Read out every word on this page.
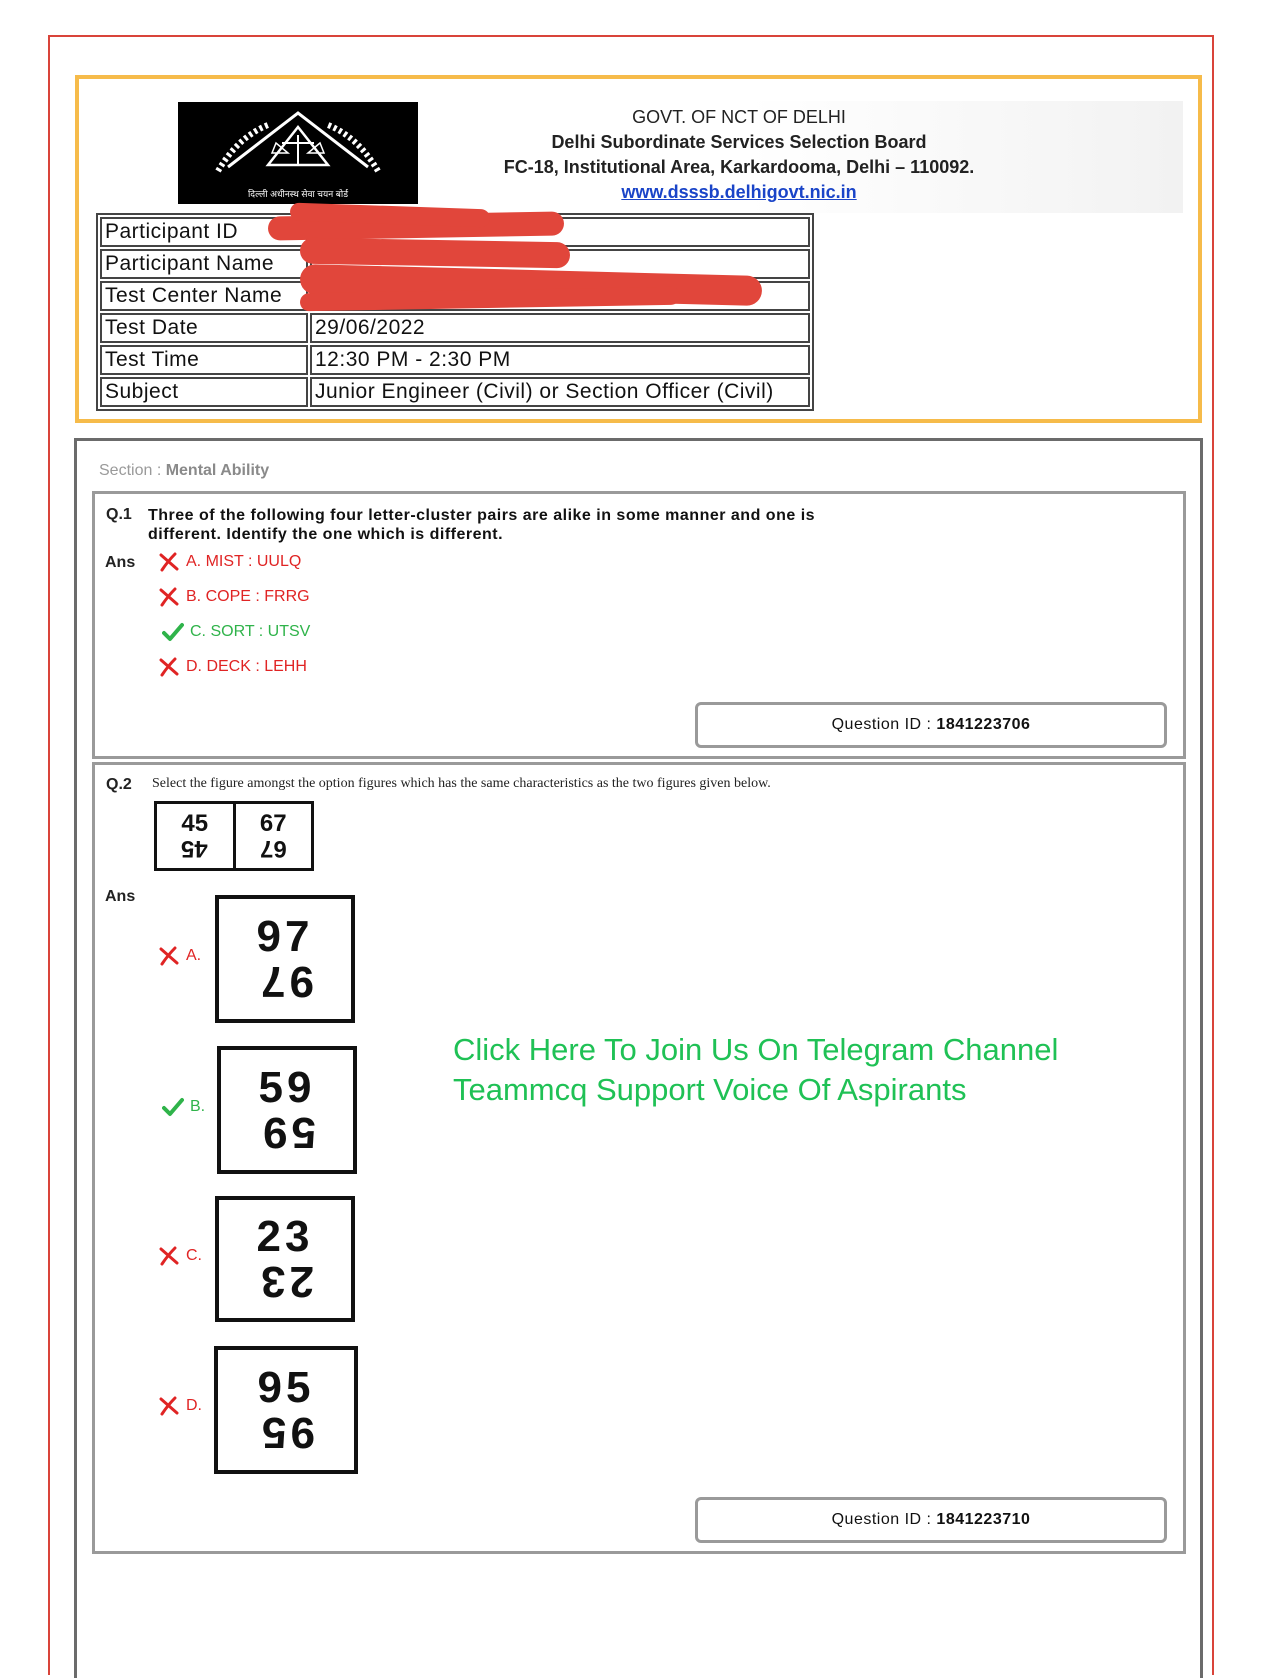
दिल्ली अधीनस्थ सेवा चयन बोर्ड
GOVT. OF NCT OF DELHI
Delhi Subordinate Services Selection Board
FC-18, Institutional Area, Karkardooma, Delhi – 110092.
www.dsssb.delhigovt.nic.in
Participant ID	
Participant Name	
Test Center Name	
Test Date	29/06/2022
Test Time	12:30 PM - 2:30 PM
Subject	Junior Engineer (Civil) or Section Officer (Civil)
Section : Mental Ability
Q.1 Three of the following four letter-cluster pairs are alike in some manner and one is
different. Identify the one which is different.
Ans	A. MIST : UULQ
B. COPE : FRRG
C. SORT : UTSV
D. DECK : LEHH
Question ID :
1841223706
Q.2 Select the figure amongst the option figures which has the same characteristics as the two figures given below.
45
45
67
67
Ans
A. 97
97
B. 59
59
C. 23
23
D. 95
95
Question ID :
1841223710
Click Here To Join Us On Telegram Channel
Teammcq Support Voice Of Aspirants
